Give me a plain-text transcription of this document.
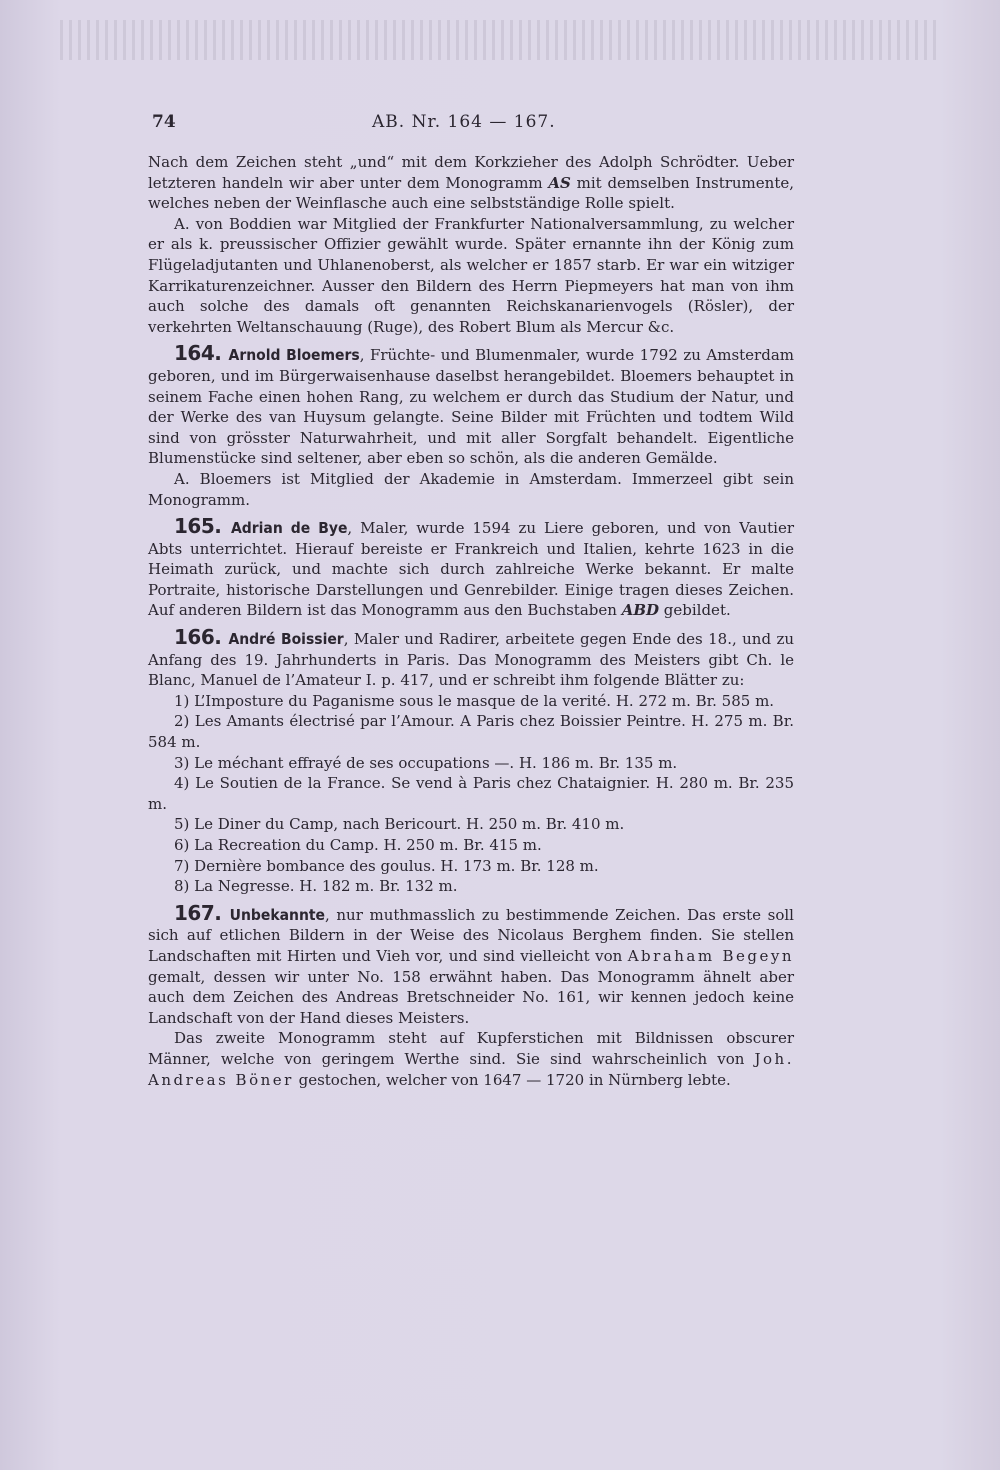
74	AB. Nr. 164 — 167.

Nach dem Zeichen steht „und“ mit dem Korkzieher des Adolph Schrödter. Ueber letzteren handeln wir aber unter dem Monogramm AS mit demselben Instrumente, welches neben der Weinflasche auch eine selbstständige Rolle spielt.

A. von Boddien war Mitglied der Frankfurter Nationalversammlung, zu welcher er als k. preussischer Offizier gewählt wurde. Später ernannte ihn der König zum Flügeladjutanten und Uhlanenoberst, als welcher er 1857 starb. Er war ein witziger Karrikaturenzeichner. Ausser den Bildern des Herrn Piepmeyers hat man von ihm auch solche des damals oft genannten Reichskanarienvogels (Rösler), der verkehrten Weltanschauung (Ruge), des Robert Blum als Mercur &c.

164. Arnold Bloemers, Früchte- und Blumenmaler, wurde 1792 zu Amsterdam geboren, und im Bürgerwaisenhause daselbst herangebildet. Bloemers behauptet in seinem Fache einen hohen Rang, zu welchem er durch das Studium der Natur, und der Werke des van Huysum gelangte. Seine Bilder mit Früchten und todtem Wild sind von grösster Naturwahrheit, und mit aller Sorgfalt behandelt. Eigentliche Blumenstücke sind seltener, aber eben so schön, als die anderen Gemälde.

A. Bloemers ist Mitglied der Akademie in Amsterdam. Immerzeel gibt sein Monogramm.

165. Adrian de Bye, Maler, wurde 1594 zu Liere geboren, und von Vautier Abts unterrichtet. Hierauf bereiste er Frankreich und Italien, kehrte 1623 in die Heimath zurück, und machte sich durch zahlreiche Werke bekannt. Er malte Portraite, historische Darstellungen und Genrebilder. Einige tragen dieses Zeichen. Auf anderen Bildern ist das Monogramm aus den Buchstaben ABD gebildet.

166. André Boissier, Maler und Radirer, arbeitete gegen Ende des 18., und zu Anfang des 19. Jahrhunderts in Paris. Das Monogramm des Meisters gibt Ch. le Blanc, Manuel de l’Amateur I. p. 417, und er schreibt ihm folgende Blätter zu:

1) L’Imposture du Paganisme sous le masque de la verité. H. 272 m. Br. 585 m.

2) Les Amants électrisé par l’Amour. A Paris chez Boissier Peintre. H. 275 m. Br. 584 m.

3) Le méchant effrayé de ses occupations —. H. 186 m. Br. 135 m.

4) Le Soutien de la France. Se vend à Paris chez Chataignier. H. 280 m. Br. 235 m.

5) Le Diner du Camp, nach Bericourt. H. 250 m. Br. 410 m.

6) La Recreation du Camp. H. 250 m. Br. 415 m.

7) Dernière bombance des goulus. H. 173 m. Br. 128 m.

8) La Negresse. H. 182 m. Br. 132 m.

167. Unbekannte, nur muthmasslich zu bestimmende Zeichen. Das erste soll sich auf etlichen Bildern in der Weise des Nicolaus Berghem finden. Sie stellen Landschaften mit Hirten und Vieh vor, und sind vielleicht von Abraham Begeyn gemalt, dessen wir unter No. 158 erwähnt haben. Das Monogramm ähnelt aber auch dem Zeichen des Andreas Bretschneider No. 161, wir kennen jedoch keine Landschaft von der Hand dieses Meisters.

Das zweite Monogramm steht auf Kupferstichen mit Bildnissen obscurer Männer, welche von geringem Werthe sind. Sie sind wahrscheinlich von Joh. Andreas Böner gestochen, welcher von 1647 — 1720 in Nürnberg lebte.
